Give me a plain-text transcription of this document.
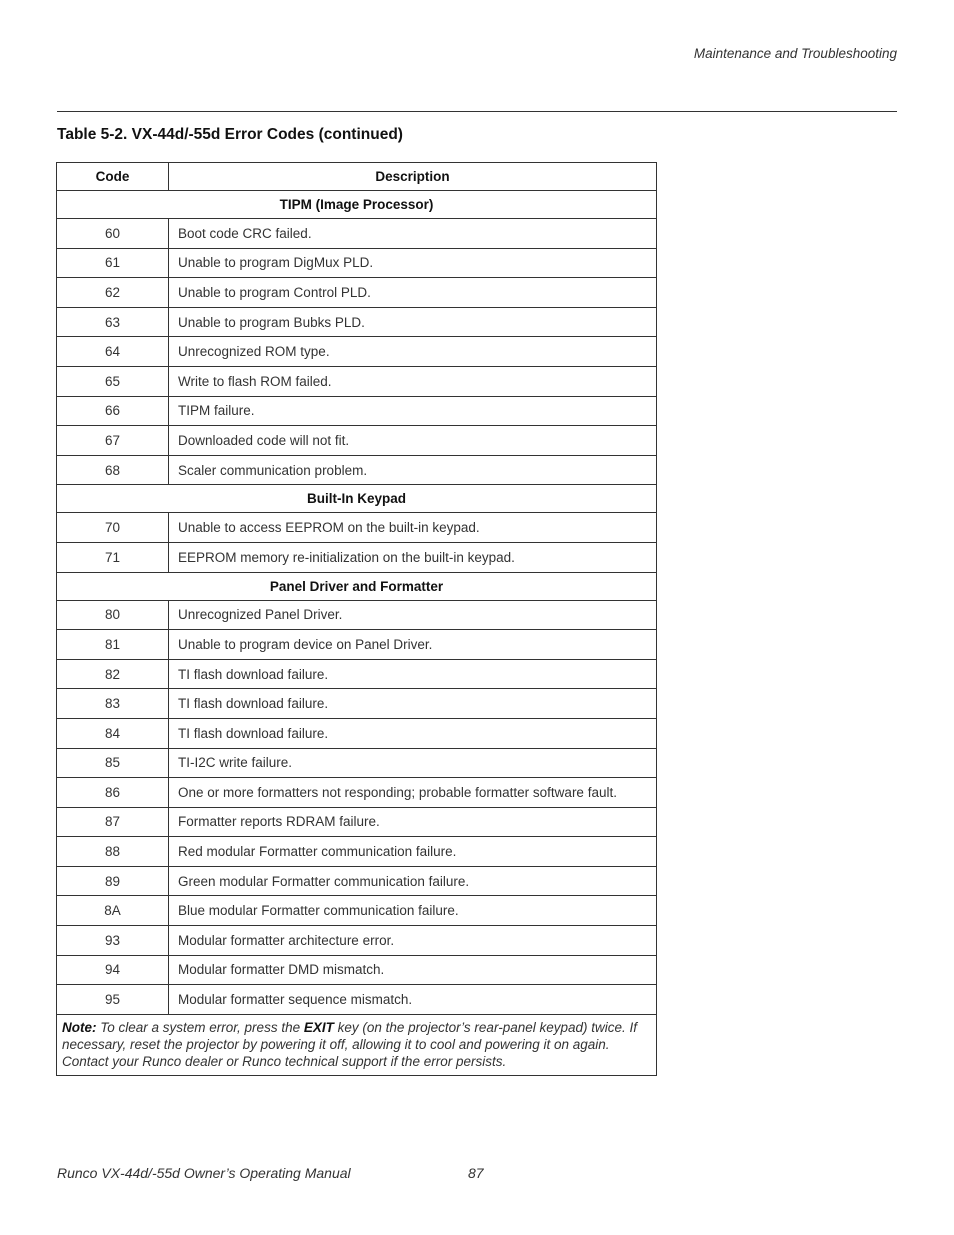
Maintenance and Troubleshooting
Table 5-2. VX-44d/-55d Error Codes (continued)
Code	Description
TIPM (Image Processor)	
60	Boot code CRC failed.
61	Unable to program DigMux PLD.
62	Unable to program Control PLD.
63	Unable to program Bubks PLD.
64	Unrecognized ROM type.
65	Write to flash ROM failed.
66	TIPM failure.
67	Downloaded code will not fit.
68	Scaler communication problem.
Built-In Keypad	
70	Unable to access EEPROM on the built-in keypad.
71	EEPROM memory re-initialization on the built-in keypad.
Panel Driver and Formatter	
80	Unrecognized Panel Driver.
81	Unable to program device on Panel Driver.
82	TI flash download failure.
83	TI flash download failure.
84	TI flash download failure.
85	TI-I2C write failure.
86	One or more formatters not responding; probable formatter software fault.
87	Formatter reports RDRAM failure.
88	Red modular Formatter communication failure.
89	Green modular Formatter communication failure.
8A	Blue modular Formatter communication failure.
93	Modular formatter architecture error.
94	Modular formatter DMD mismatch.
95	Modular formatter sequence mismatch.
Note: To clear a system error, press the EXIT key (on the projector’s rear-panel keypad) twice. If necessary, reset the projector by powering it off, allowing it to cool and powering it on again. Contact your Runco dealer or Runco technical support if the error persists.	
Runco VX-44d/-55d Owner’s Operating Manual	87
